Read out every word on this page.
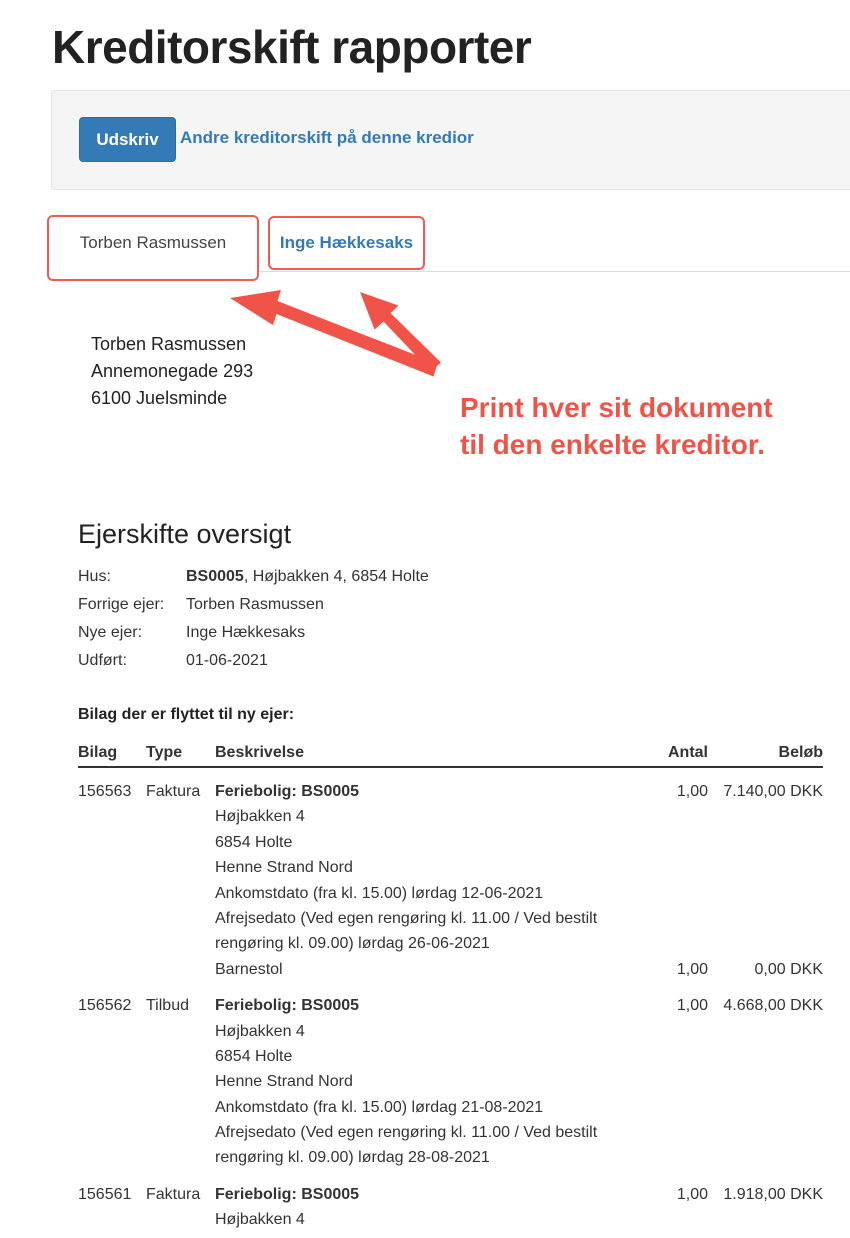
Kreditorskift rapporter
Udskriv	Andre kreditorskift på denne kredior
Torben Rasmussen	Inge Hækkesaks
Torben Rasmussen
Annemonegade 293
6100 Juelsminde	Print hver sit dokument
til den enkelte kreditor.
Ejerskifte oversigt
Hus:	BS0005, Højbakken 4, 6854 Holte
Forrige ejer:	Torben Rasmussen
Nye ejer:	Inge Hækkesaks
Udført:	01-06-2021
Bilag der er flyttet til ny ejer:
Bilag Type Beskrivelse	Antal	Beløb
156563 Faktura Feriebolig: BS0005	1,00 7.140,00 DKK
Højbakken 4
6854 Holte
Henne Strand Nord
Ankomstdato (fra kl. 15.00) lørdag 12-06-2021
Afrejsedato (Ved egen rengøring kl. 11.00 / Ved bestilt
rengøring kl. 09.00) lørdag 26-06-2021
Barnestol	1,00	0,00 DKK
156562 Tilbud Feriebolig: BS0005	1,00 4.668,00 DKK
Højbakken 4
6854 Holte
Henne Strand Nord
Ankomstdato (fra kl. 15.00) lørdag 21-08-2021
Afrejsedato (Ved egen rengøring kl. 11.00 / Ved bestilt
rengøring kl. 09.00) lørdag 28-08-2021
156561 Faktura Feriebolig: BS0005	1,00 1.918,00 DKK
Højbakken 4
